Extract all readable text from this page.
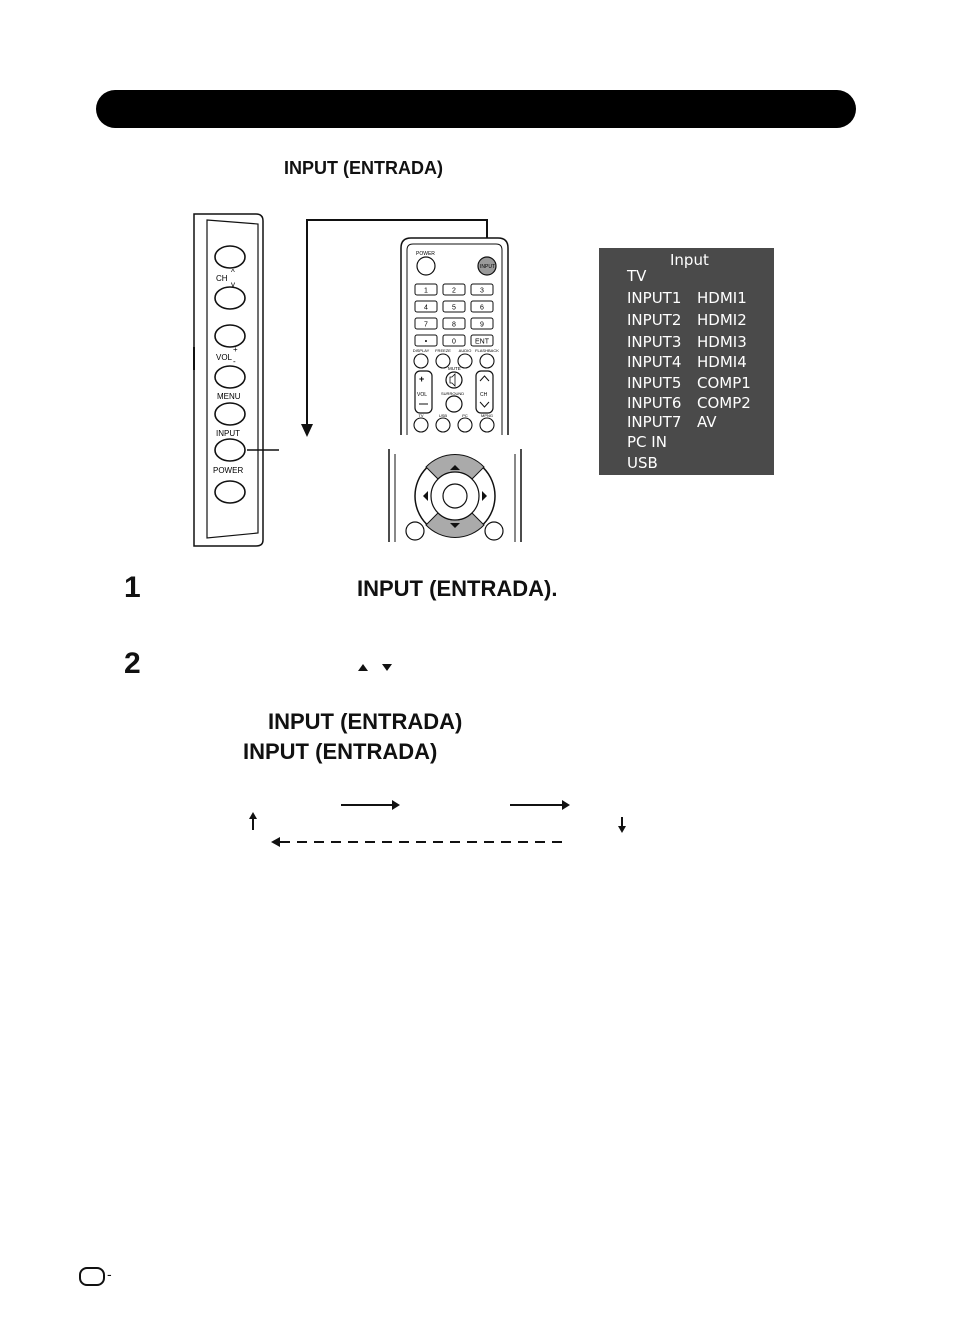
INPUT (ENTRADA)
CH
^
v
VOL
+
-
MENU
INPUT
POWER
POWER
INPUT
1	2	3
4	5	6
7	8	9
•	0	ENT
DISPLAY FREEZE AUDIO FLASHBACK
+
VOL	CH
MUTE
SURROUND
TV	USB	PC	MPNG
Input
TV
INPUT1 HDMI1
INPUT2 HDMI2
INPUT3 HDMI3
INPUT4 HDMI4
INPUT5 COMP1
INPUT6 COMP2
INPUT7 AV
PC IN
USB
1	INPUT (ENTRADA).
2
INPUT (ENTRADA)
INPUT (ENTRADA)
-
